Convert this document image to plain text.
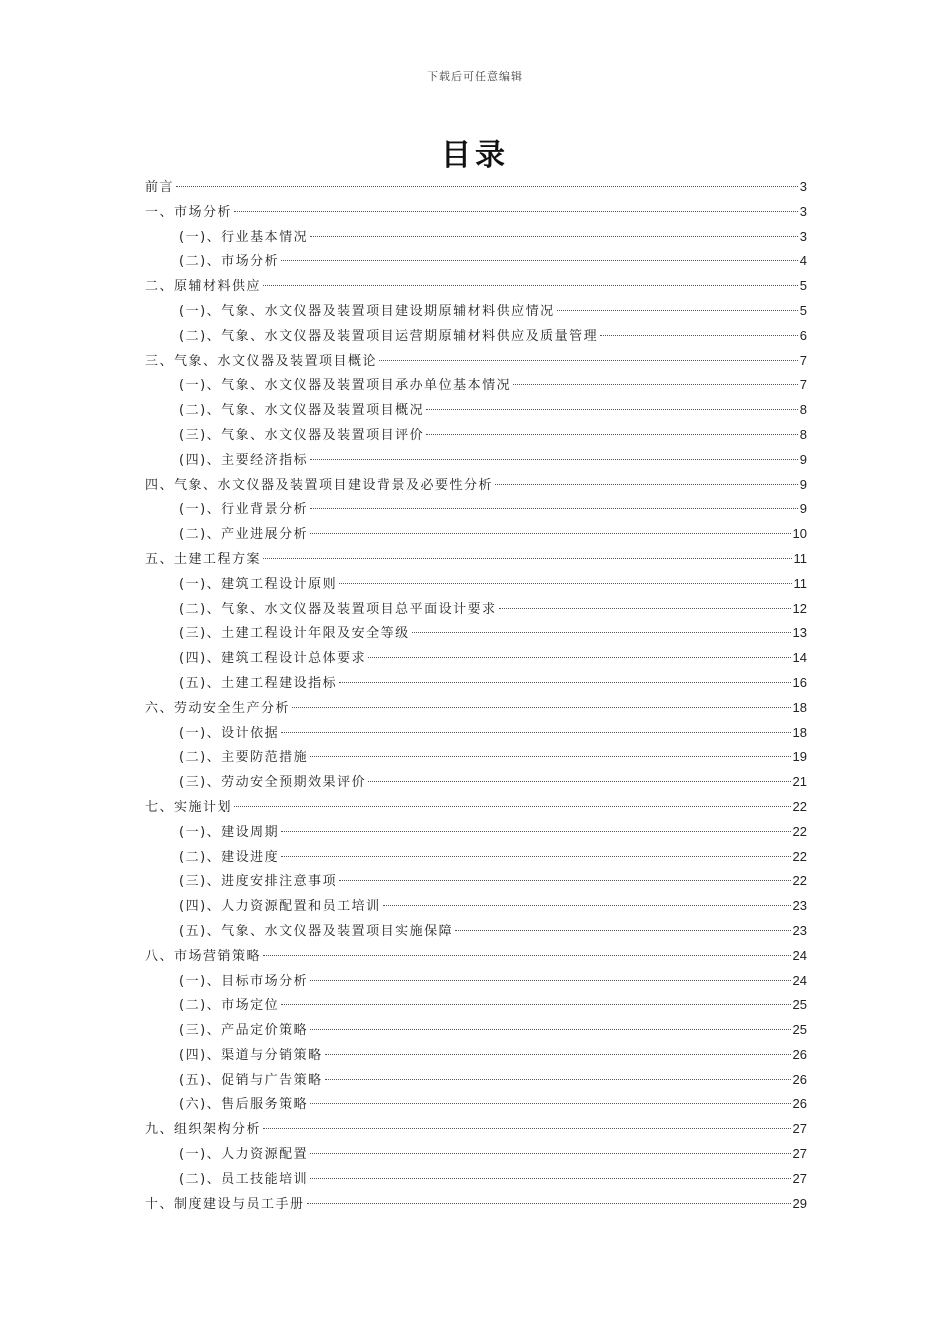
下载后可任意编辑
目录
前言	3
一、市场分析	3
(一)、行业基本情况	3
(二)、市场分析	4
二、原辅材料供应	5
(一)、气象、水文仪器及装置项目建设期原辅材料供应情况	5
(二)、气象、水文仪器及装置项目运营期原辅材料供应及质量管理	6
三、气象、水文仪器及装置项目概论	7
(一)、气象、水文仪器及装置项目承办单位基本情况	7
(二)、气象、水文仪器及装置项目概况	8
(三)、气象、水文仪器及装置项目评价	8
(四)、主要经济指标	9
四、气象、水文仪器及装置项目建设背景及必要性分析	9
(一)、行业背景分析	9
(二)、产业进展分析	10
五、土建工程方案	11
(一)、建筑工程设计原则	11
(二)、气象、水文仪器及装置项目总平面设计要求	12
(三)、土建工程设计年限及安全等级	13
(四)、建筑工程设计总体要求	14
(五)、土建工程建设指标	16
六、劳动安全生产分析	18
(一)、设计依据	18
(二)、主要防范措施	19
(三)、劳动安全预期效果评价	21
七、实施计划	22
(一)、建设周期	22
(二)、建设进度	22
(三)、进度安排注意事项	22
(四)、人力资源配置和员工培训	23
(五)、气象、水文仪器及装置项目实施保障	23
八、市场营销策略	24
(一)、目标市场分析	24
(二)、市场定位	25
(三)、产品定价策略	25
(四)、渠道与分销策略	26
(五)、促销与广告策略	26
(六)、售后服务策略	26
九、组织架构分析	27
(一)、人力资源配置	27
(二)、员工技能培训	27
十、制度建设与员工手册	29
